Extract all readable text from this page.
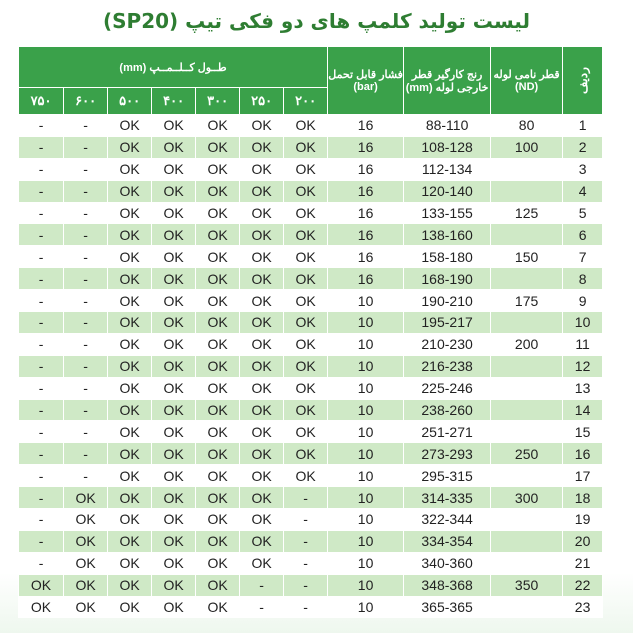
لیست تولید کلمپ های دو فکی تیپ (SP20)
ردیف	قطر نامی لوله (ND)	رنج کارگیر قطر خارجی لوله (mm)	فشار قابل تحمل (bar)	طــول کــلــمــپ (mm)						
				۲۰۰	۲۵۰	۳۰۰	۴۰۰	۵۰۰	۶۰۰	۷۵۰
1	80	88-110	16	OK	OK	OK	OK	OK	-	-
2	100	108-128	16	OK	OK	OK	OK	OK	-	-
3		112-134	16	OK	OK	OK	OK	OK	-	-
4		120-140	16	OK	OK	OK	OK	OK	-	-
5	125	133-155	16	OK	OK	OK	OK	OK	-	-
6		138-160	16	OK	OK	OK	OK	OK	-	-
7	150	158-180	16	OK	OK	OK	OK	OK	-	-
8		168-190	16	OK	OK	OK	OK	OK	-	-
9	175	190-210	10	OK	OK	OK	OK	OK	-	-
10		195-217	10	OK	OK	OK	OK	OK	-	-
11	200	210-230	10	OK	OK	OK	OK	OK	-	-
12		216-238	10	OK	OK	OK	OK	OK	-	-
13		225-246	10	OK	OK	OK	OK	OK	-	-
14		238-260	10	OK	OK	OK	OK	OK	-	-
15		251-271	10	OK	OK	OK	OK	OK	-	-
16	250	273-293	10	OK	OK	OK	OK	OK	-	-
17		295-315	10	OK	OK	OK	OK	OK	-	-
18	300	314-335	10	-	OK	OK	OK	OK	OK	-
19		322-344	10	-	OK	OK	OK	OK	OK	-
20		334-354	10	-	OK	OK	OK	OK	OK	-
21		340-360	10	-	OK	OK	OK	OK	OK	-
22	350	348-368	10	-	-	OK	OK	OK	OK	OK
23		365-365	10	-	-	OK	OK	OK	OK	OK
